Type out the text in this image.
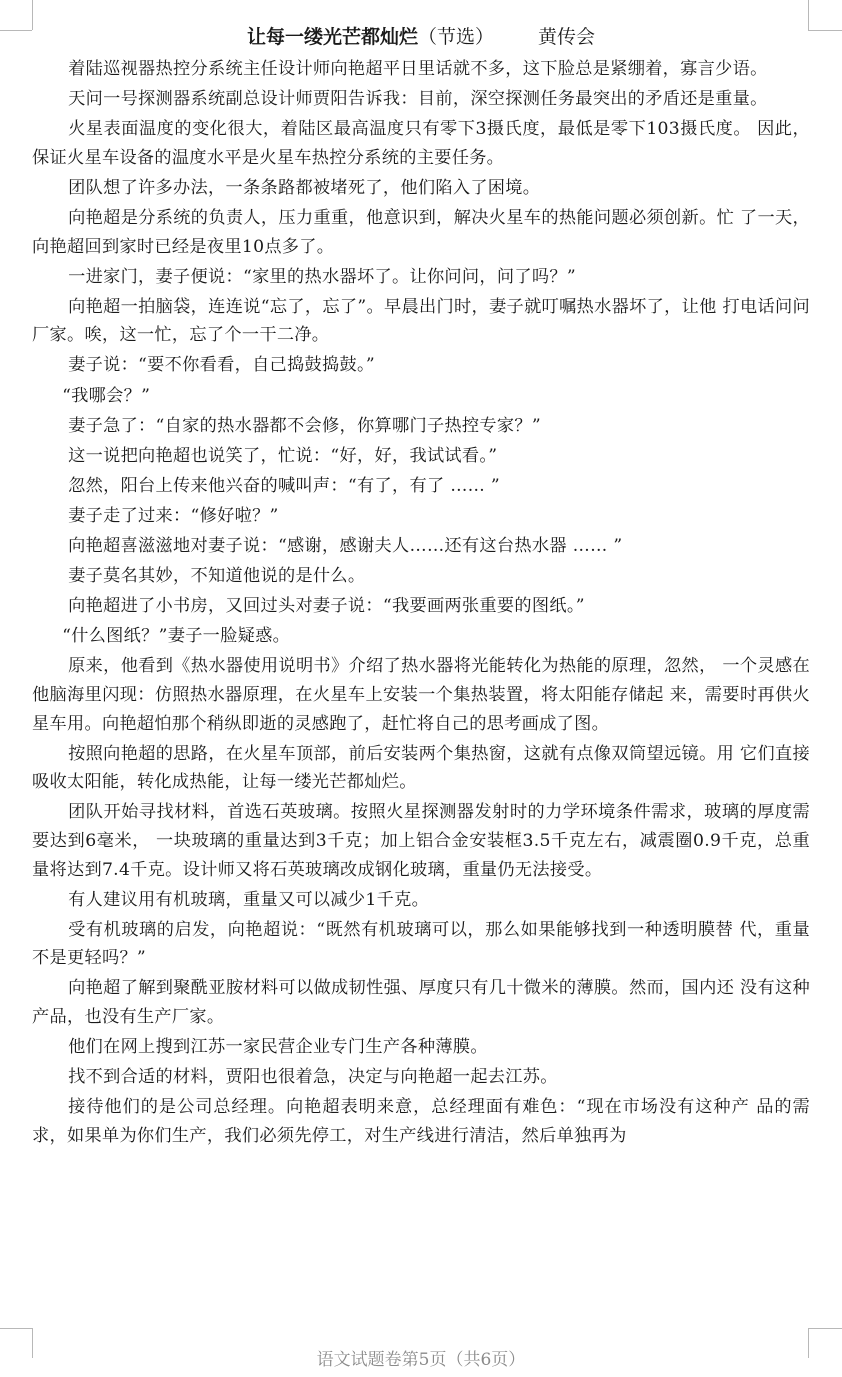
让每一缕光芒都灿烂（节选） 黄传会

着陆巡视器热控分系统主任设计师向艳超平日里话就不多，这下脸总是紧绷着，寡言少语。

天问一号探测器系统副总设计师贾阳告诉我：目前，深空探测任务最突出的矛盾还是重量。

火星表面温度的变化很大，着陆区最高温度只有零下3摄氏度，最低是零下103摄氏度。 因此，保证火星车设备的温度水平是火星车热控分系统的主要任务。

团队想了许多办法，一条条路都被堵死了，他们陷入了困境。

向艳超是分系统的负责人，压力重重，他意识到，解决火星车的热能问题必须创新。忙 了一天，向艳超回到家时已经是夜里10点多了。

一进家门，妻子便说：“家里的热水器坏了。让你问问，问了吗？”

向艳超一拍脑袋，连连说“忘了，忘了”。早晨出门时，妻子就叮嘱热水器坏了，让他 打电话问问厂家。唉，这一忙，忘了个一干二净。

妻子说：“要不你看看，自己捣鼓捣鼓。”

“我哪会？”

妻子急了：“自家的热水器都不会修，你算哪门子热控专家？”

这一说把向艳超也说笑了，忙说：“好，好，我试试看。”

忽然，阳台上传来他兴奋的喊叫声：“有了，有了 …… ”

妻子走了过来：“修好啦？”

向艳超喜滋滋地对妻子说：“感谢，感谢夫人……还有这台热水器 …… ”

妻子莫名其妙，不知道他说的是什么。

向艳超进了小书房，又回过头对妻子说：“我要画两张重要的图纸。”

“什么图纸？”妻子一脸疑惑。

原来，他看到《热水器使用说明书》介绍了热水器将光能转化为热能的原理，忽然， 一个灵感在他脑海里闪现：仿照热水器原理，在火星车上安装一个集热装置，将太阳能存储起 来，需要时再供火星车用。向艳超怕那个稍纵即逝的灵感跑了，赶忙将自己的思考画成了图。

按照向艳超的思路，在火星车顶部，前后安装两个集热窗，这就有点像双筒望远镜。用 它们直接吸收太阳能，转化成热能，让每一缕光芒都灿烂。

团队开始寻找材料，首选石英玻璃。按照火星探测器发射时的力学环境条件需求，玻璃的厚度需要达到6毫米， 一块玻璃的重量达到3千克；加上铝合金安装框3.5千克左右，减震圈0.9千克，总重量将达到7.4千克。设计师又将石英玻璃改成钢化玻璃，重量仍无法接受。

有人建议用有机玻璃，重量又可以减少1千克。

受有机玻璃的启发，向艳超说：“既然有机玻璃可以，那么如果能够找到一种透明膜替 代，重量不是更轻吗？”

向艳超了解到聚酰亚胺材料可以做成韧性强、厚度只有几十微米的薄膜。然而，国内还 没有这种产品，也没有生产厂家。

他们在网上搜到江苏一家民营企业专门生产各种薄膜。

找不到合适的材料，贾阳也很着急，决定与向艳超一起去江苏。

接待他们的是公司总经理。向艳超表明来意，总经理面有难色：“现在市场没有这种产 品的需求，如果单为你们生产，我们必须先停工，对生产线进行清洁，然后单独再为

语文试题卷第5页（共6页）
